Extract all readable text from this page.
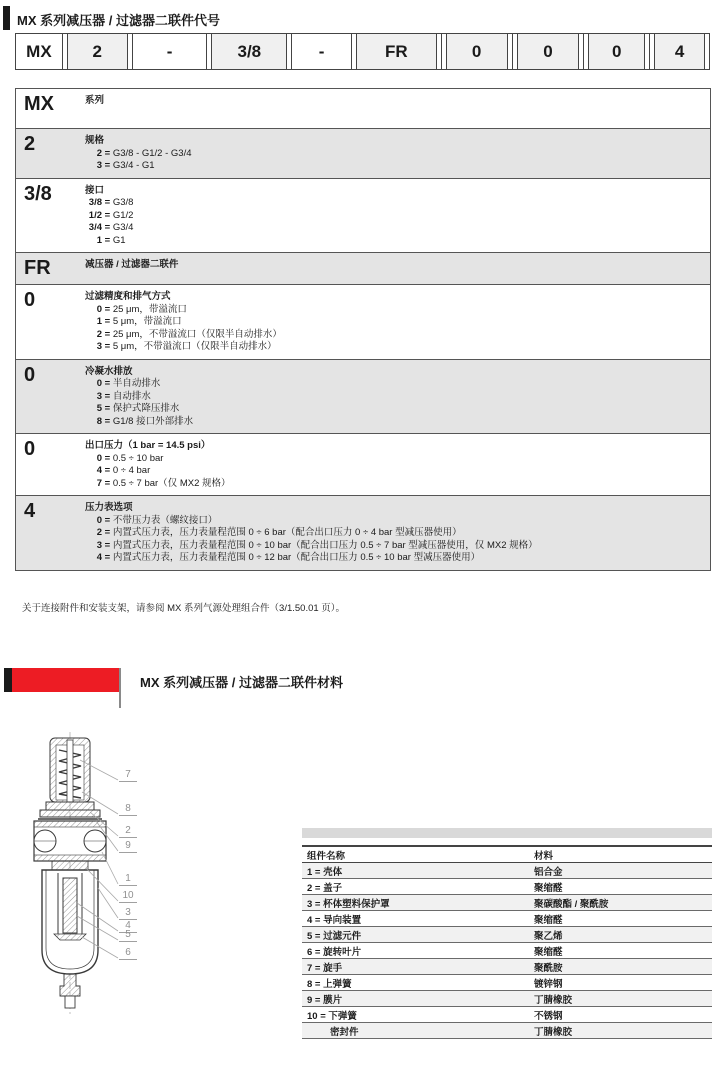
MX 系列减压器 / 过滤器二联件代号
MX	2	-	3/8	-	FR	0	0	0	4
MX	系列
2	规格
2 = G3/8 - G1/2 - G3/4
3 = G3/4 - G1
3/8	接口
3/8 = G3/8
1/2 = G1/2
3/4 = G3/4
1 = G1
FR	减压器 / 过滤器二联件
0	过滤精度和排气方式
0 = 25 μm，带溢流口
1 = 5 μm，带溢流口
2 = 25 μm，不带溢流口（仅限半自动排水）
3 = 5 μm，不带溢流口（仅限半自动排水）
0	冷凝水排放
0 = 半自动排水
3 = 自动排水
5 = 保护式降压排水
8 = G1/8 接口外部排水
0	出口压力（1 bar = 14.5 psi）
0 = 0.5 ÷ 10 bar
4 = 0 ÷ 4 bar
7 = 0.5 ÷ 7 bar（仅 MX2 规格）
4	压力表选项
0 = 不带压力表（螺纹接口）
2 = 内置式压力表，压力表量程范围 0 ÷ 6 bar（配合出口压力 0 ÷ 4 bar 型减压器使用）
3 = 内置式压力表，压力表量程范围 0 ÷ 10 bar（配合出口压力 0.5 ÷ 7 bar 型减压器使用，仅 MX2 规格）
4 = 内置式压力表，压力表量程范围 0 ÷ 12 bar（配合出口压力 0.5 ÷ 10 bar 型减压器使用）
关于连接附件和安装支架，请参阅 MX 系列气源处理组合件（3/1.50.01 页）。
MX 系列减压器 / 过滤器二联件材料
7
8
2
9
1
10
3
4
5
6
组件名称	材料
1 = 壳体	铝合金
2 = 盖子	聚缩醛
3 = 杯体塑料保护罩	聚碳酸酯 / 聚酰胺
4 = 导向装置	聚缩醛
5 = 过滤元件	聚乙烯
6 = 旋转叶片	聚缩醛
7 = 旋手	聚酰胺
8 = 上弹簧	镀锌钢
9 = 膜片	丁腈橡胶
10 = 下弹簧	不锈钢
密封件	丁腈橡胶
